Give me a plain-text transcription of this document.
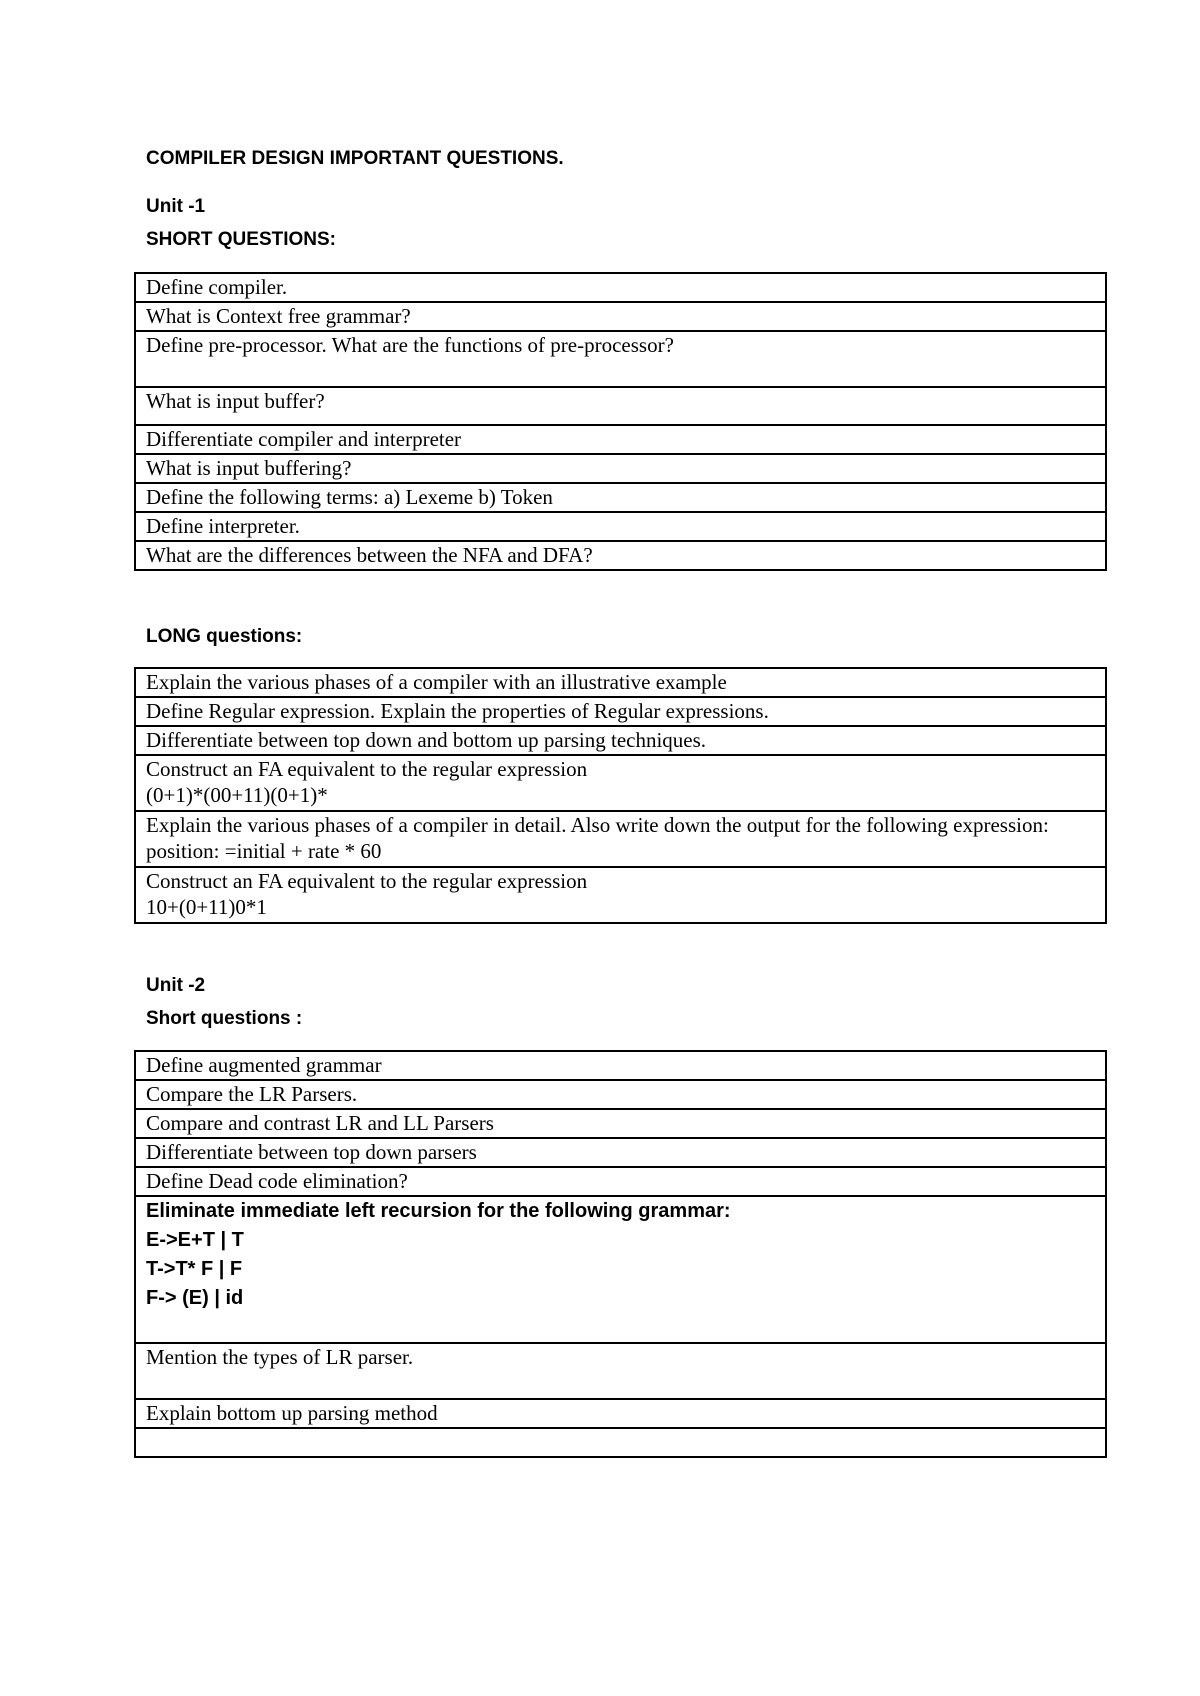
COMPILER DESIGN IMPORTANT QUESTIONS.
Unit -1
SHORT QUESTIONS:
Define compiler.
What is Context free grammar?
Define pre-processor. What are the functions of pre-processor?
What is input buffer?
Differentiate compiler and interpreter
What is input buffering?
Define the following terms: a) Lexeme b) Token
Define interpreter.
What are the differences between the NFA and DFA?
LONG questions:
Explain the various phases of a compiler with an illustrative example
Define Regular expression. Explain the properties of Regular expressions.
Differentiate between top down and bottom up parsing techniques.
Construct an FA equivalent to the regular expression
(0+1)*(00+11)(0+1)*
Explain the various phases of a compiler in detail. Also write down the output for the following expression: position: =initial + rate * 60
Construct an FA equivalent to the regular expression
10+(0+11)0*1
Unit -2
Short questions :
Define augmented grammar
Compare the LR Parsers.
Compare and contrast LR and LL Parsers
Differentiate between top down parsers
Define Dead code elimination?
Eliminate immediate left recursion for the following grammar:
E->E+T | T
T->T* F | F
F-> (E) | id
Mention the types of LR parser.
Explain bottom up parsing method
